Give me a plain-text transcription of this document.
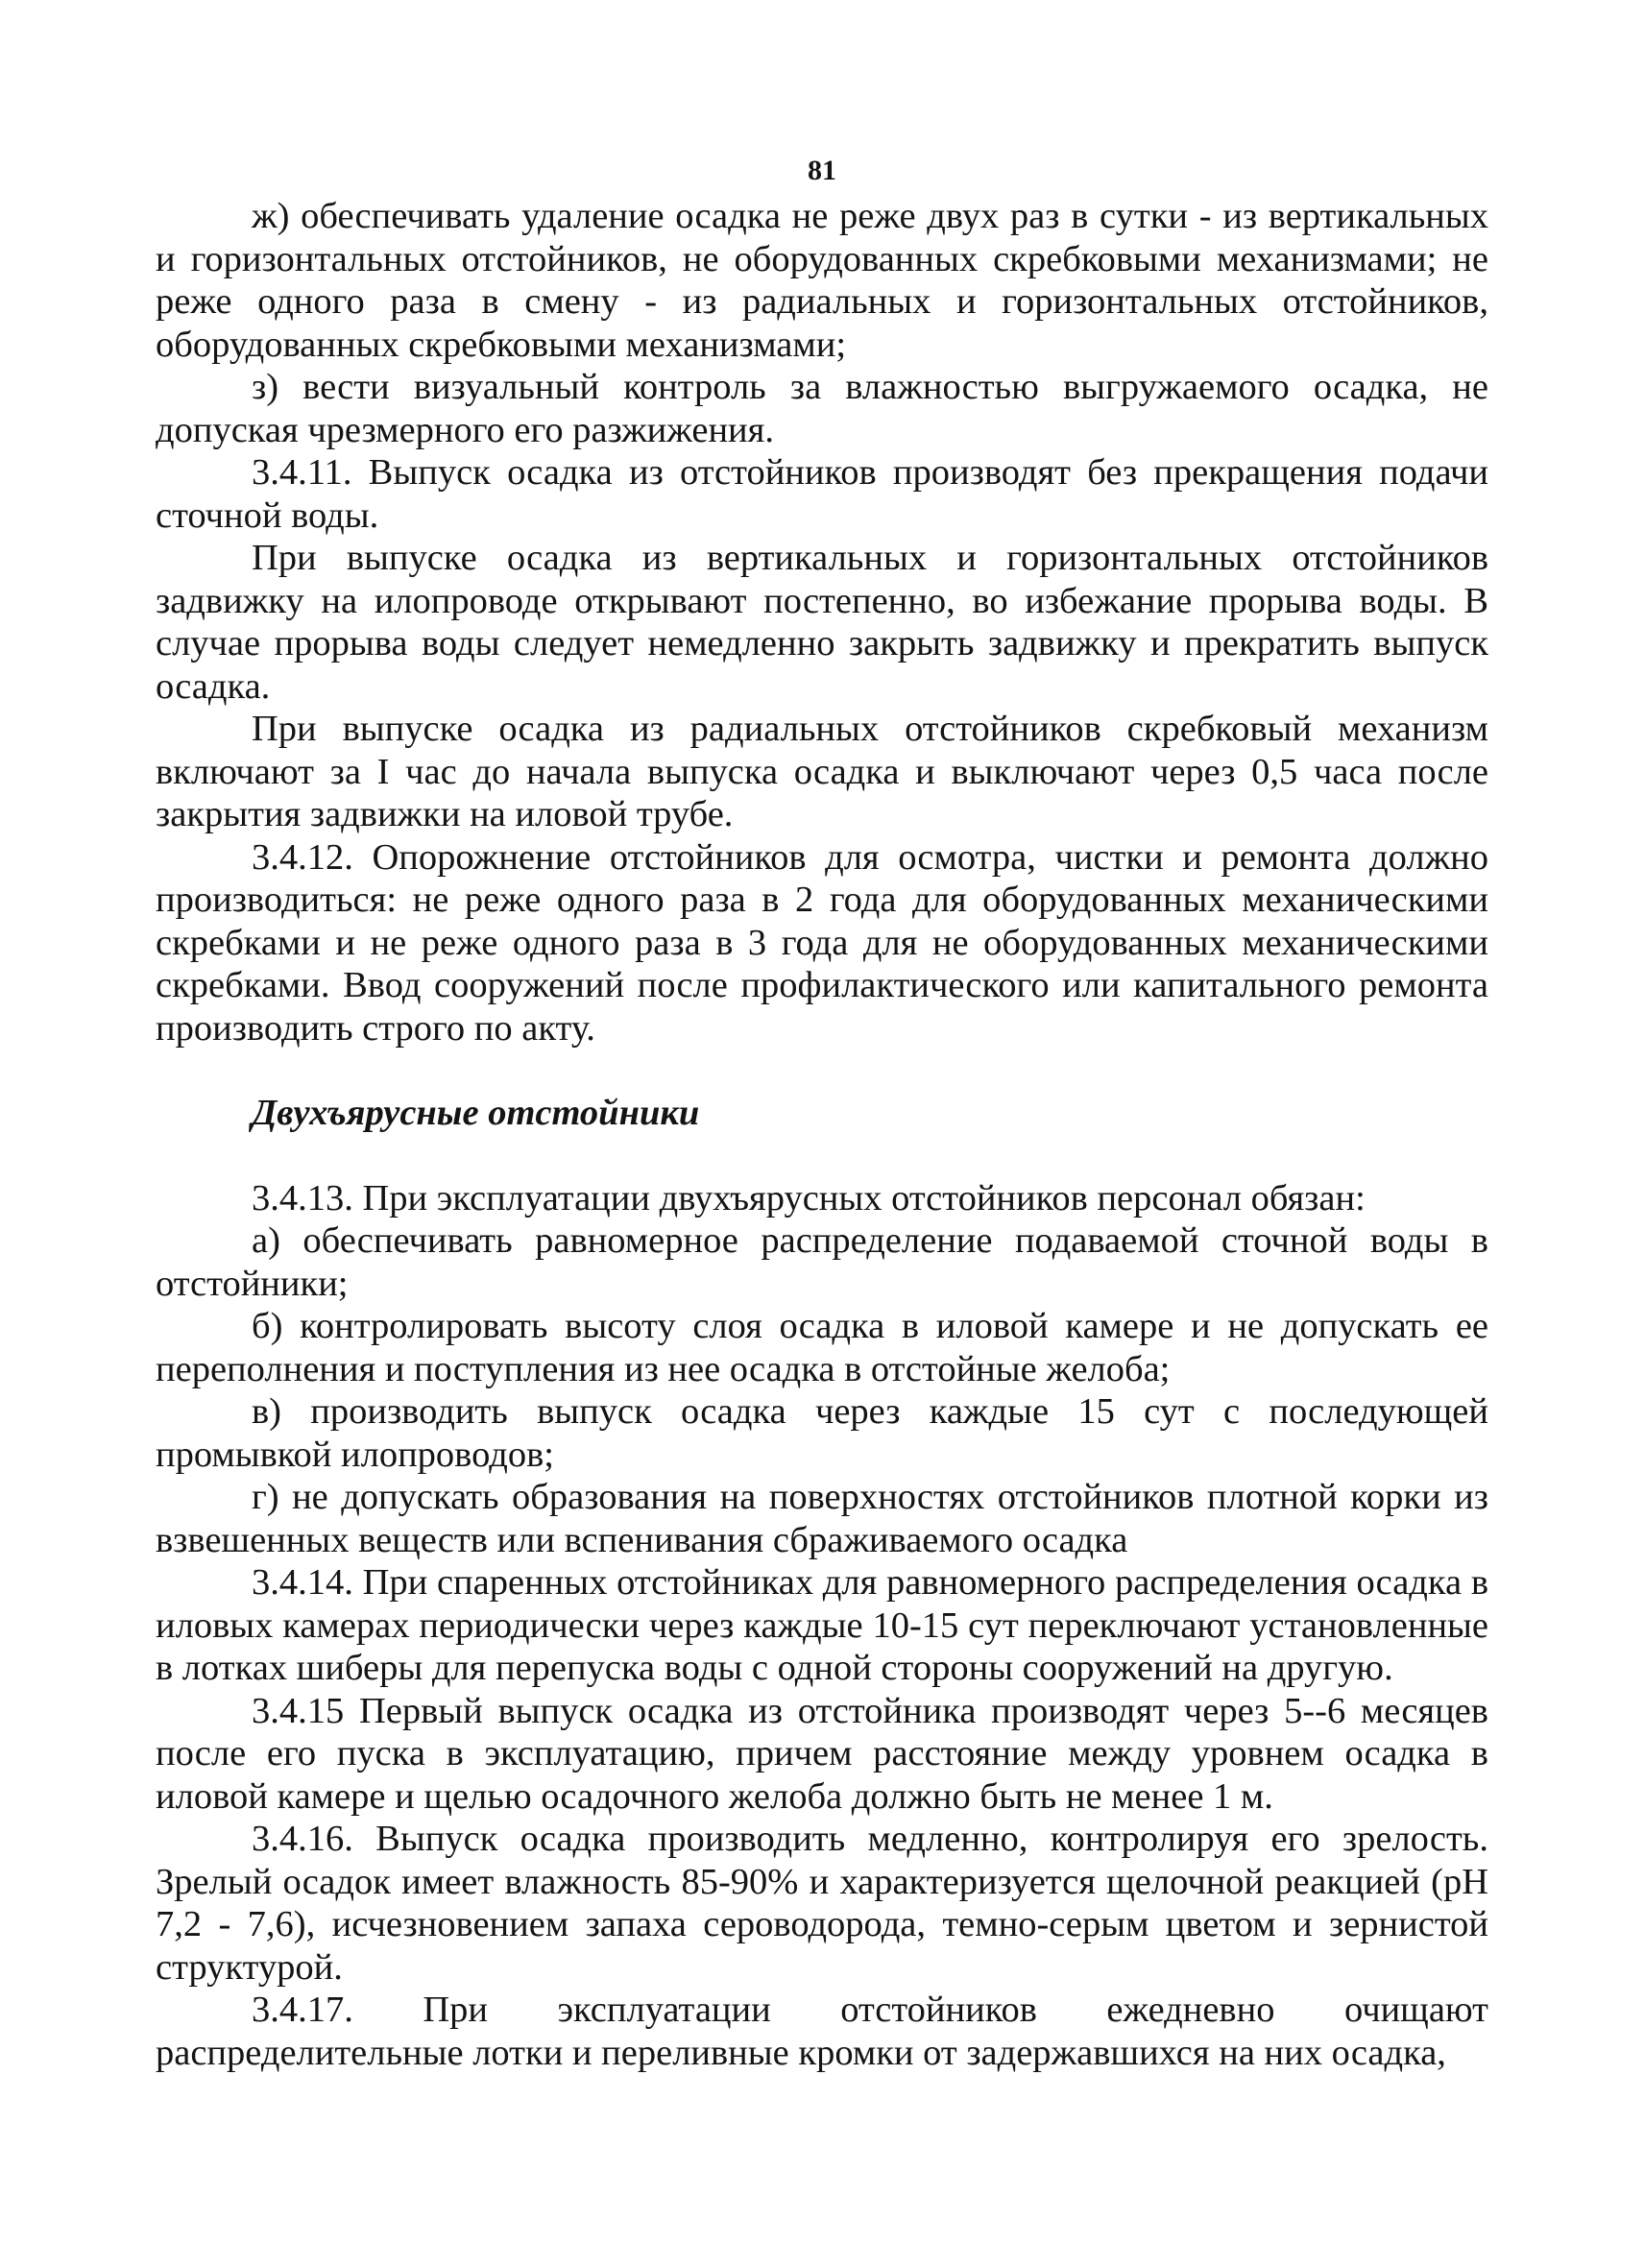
81

ж) обеспечивать удаление осадка не реже двух раз в сутки - из вертикальных и горизонтальных отстойников, не оборудованных скребковыми механизмами; не реже одного раза в смену - из радиальных и горизонтальных отстойников, оборудованных скребковыми механизмами;

з) вести визуальный контроль за влажностью выгружаемого осадка, не допуская чрезмерного его разжижения.

3.4.11. Выпуск осадка из отстойников производят без прекращения подачи сточной воды.

При выпуске осадка из вертикальных и горизонтальных отстойников задвижку на илопроводе открывают постепенно, во избежание прорыва воды. В случае прорыва воды следует немедленно закрыть задвижку и прекратить выпуск осадка.

При выпуске осадка из радиальных отстойников скребковый механизм включают за I час до начала выпуска осадка и выключают через 0,5 часа после закрытия задвижки на иловой трубе.

3.4.12. Опорожнение отстойников для осмотра, чистки и ремонта должно производиться: не реже одного раза в 2 года для оборудованных механическими скребками и не реже одного раза в 3 года для не оборудованных механическими скребками. Ввод сооружений после профилактического или капитального ремонта производить строго по акту.

Двухъярусные отстойники

3.4.13. При эксплуатации двухъярусных отстойников персонал обязан:

а) обеспечивать равномерное распределение подаваемой сточной воды в отстойники;

б) контролировать высоту слоя осадка в иловой камере и не допускать ее переполнения и поступления из нее осадка в отстойные желоба;

в) производить выпуск осадка через каждые 15 сут с последующей промывкой илопроводов;

г) не допускать образования на поверхностях отстойников плотной корки из взвешенных веществ или вспенивания сбраживаемого осадка

3.4.14. При спаренных отстойниках для равномерного распределения осадка в иловых камерах периодически через каждые 10-15 сут переключают установленные в лотках шиберы для перепуска воды с одной стороны сооружений на другую.

3.4.15 Первый выпуск осадка из отстойника производят через 5--6 месяцев после его пуска в эксплуатацию, причем расстояние между уровнем осадка в иловой камере и щелью осадочного желоба должно быть не менее 1 м.

3.4.16. Выпуск осадка производить медленно, контролируя его зрелость. Зрелый осадок имеет влажность 85-90% и характеризуется щелочной реакцией (pH 7,2 - 7,6), исчезновением запаха сероводорода, темно-серым цветом и зернистой структурой.

3.4.17. При эксплуатации отстойников ежедневно очищают распределительные лотки и переливные кромки от задержавшихся на них осадка,
